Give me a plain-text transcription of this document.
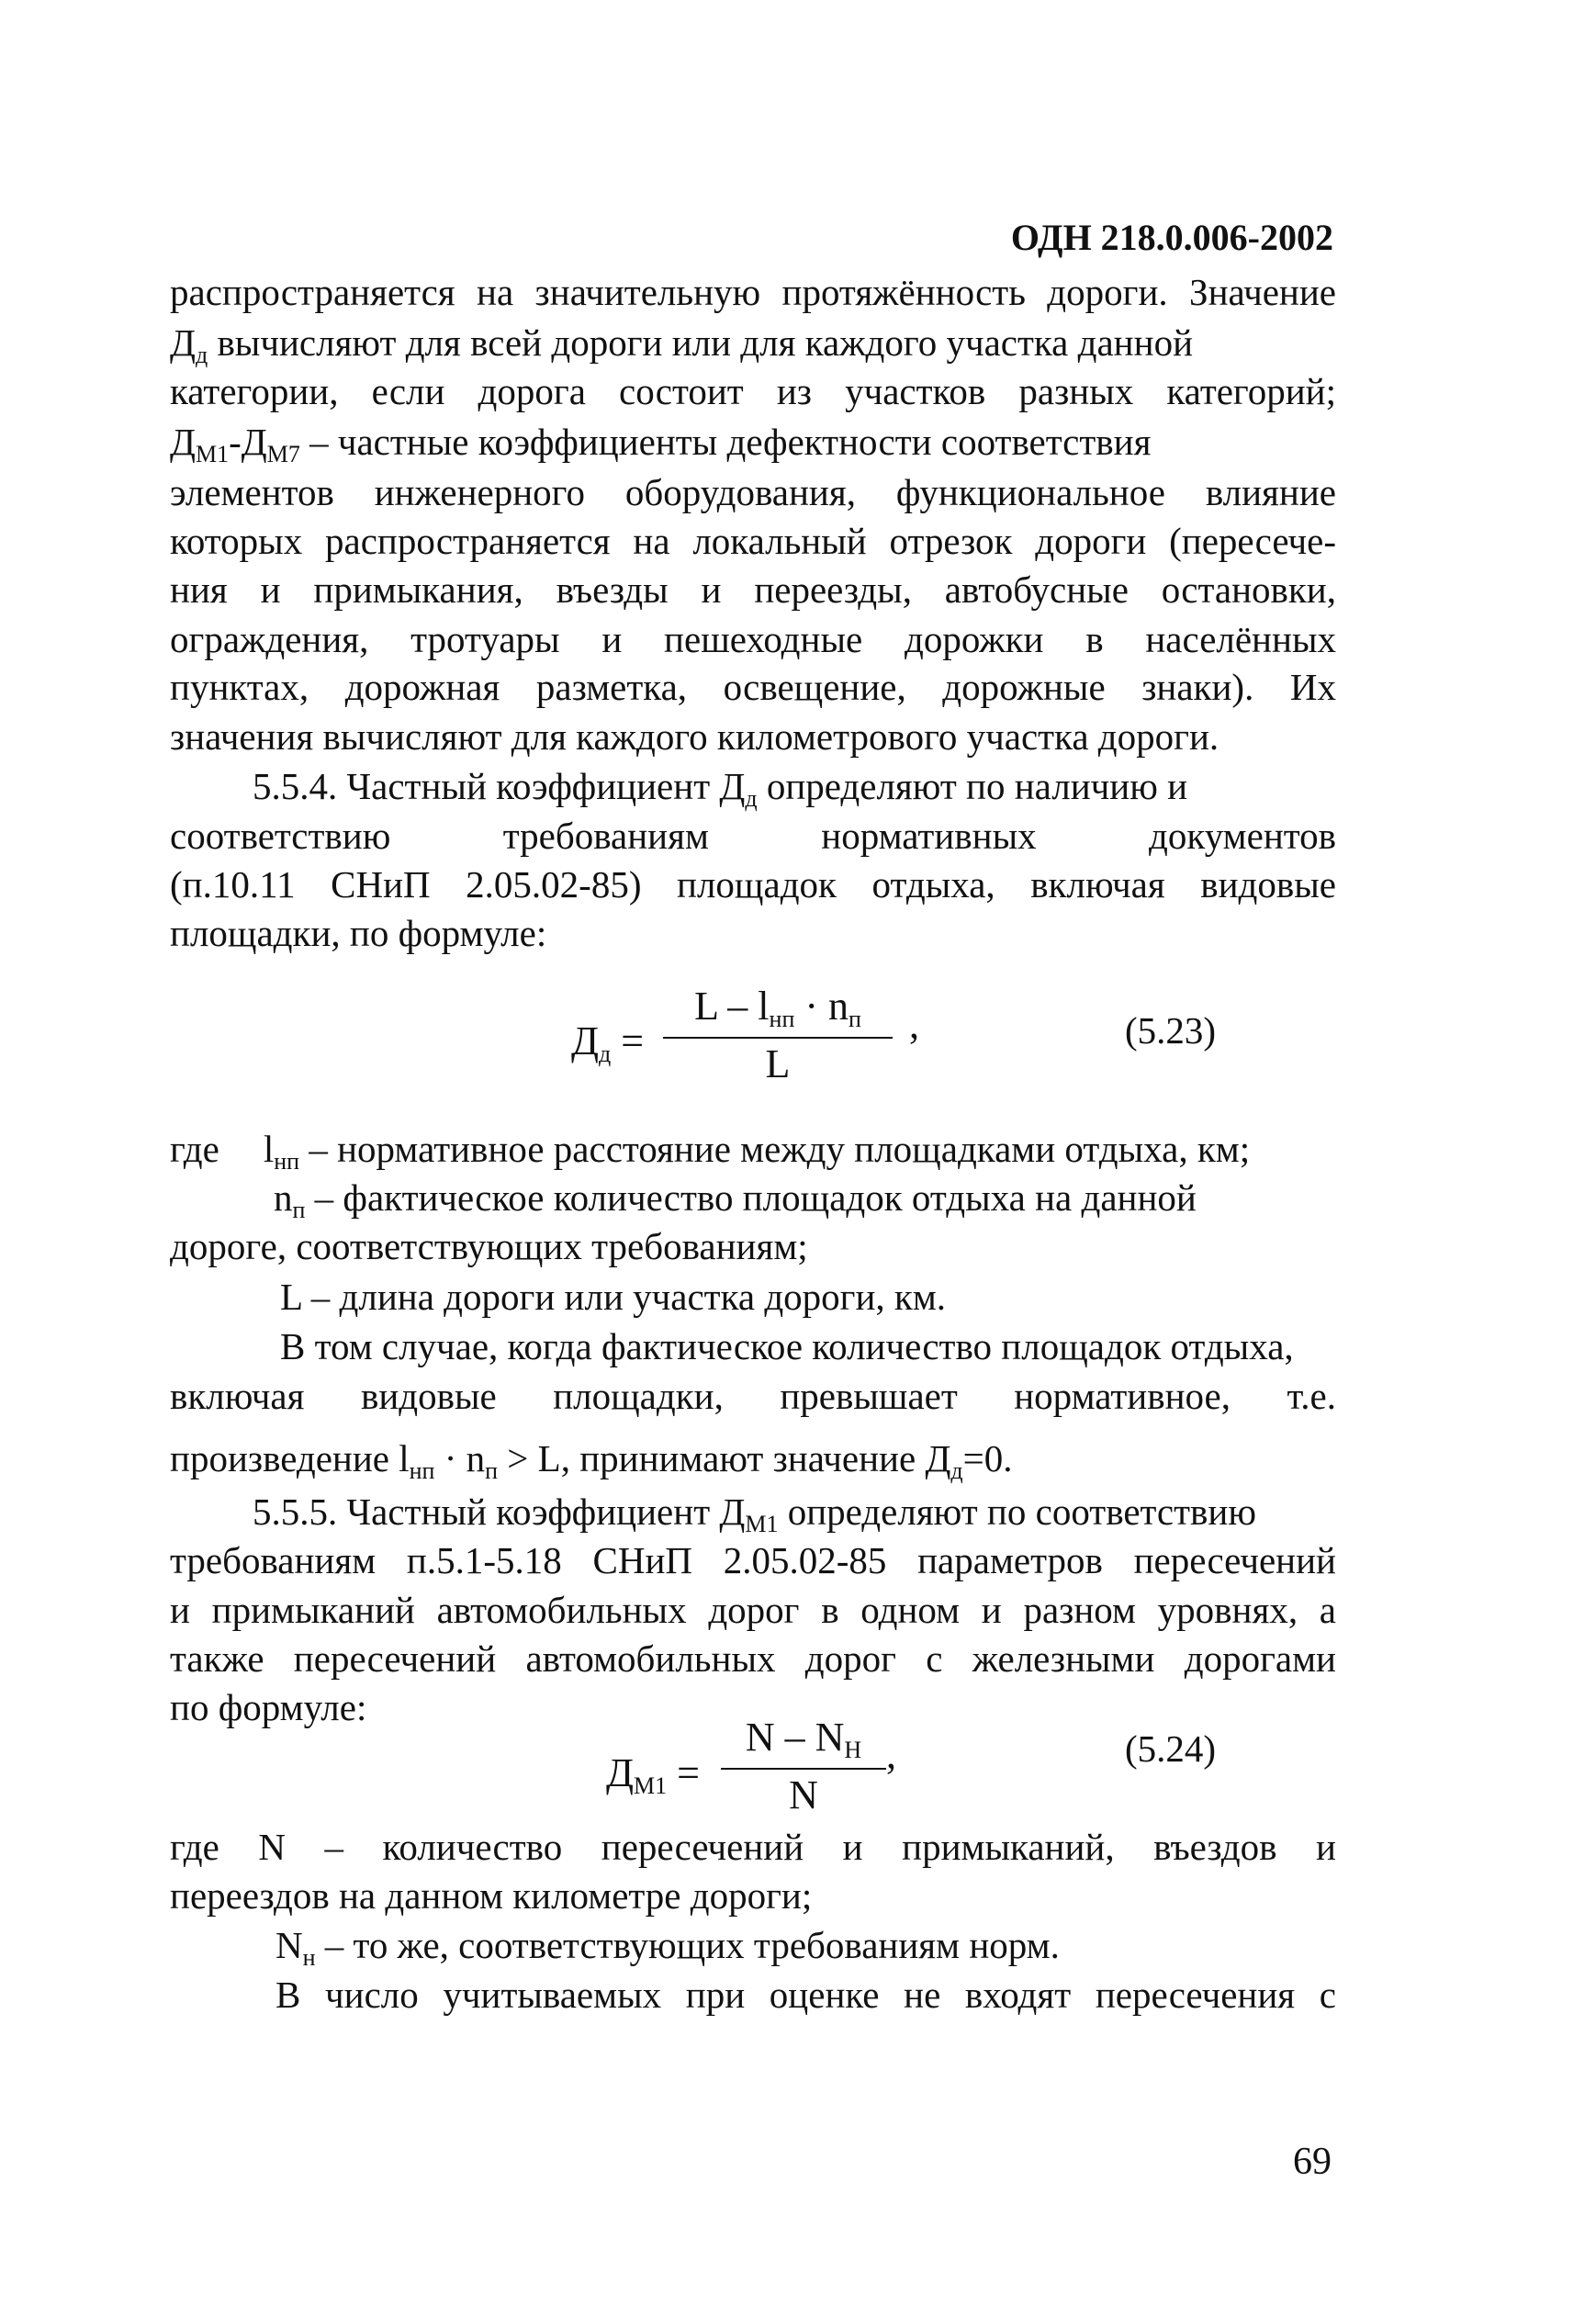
ОДН 218.0.006-2002
распространяется на значительную протяжённость дороги. Значение
$Д_д$ вычисляют для всей дороги или для каждого участка данной
категории, если дорога состоит из участков разных категорий;
$Д_{М1}-Д_{М7}$ – частные коэффициенты дефектности соответствия
элементов инженерного оборудования, функциональное влияние
которых распространяется на локальный отрезок дороги (пересече-
ния и примыкания, въезды и переезды, автобусные остановки,
ограждения, тротуары и пешеходные дорожки в населённых
пунктах, дорожная разметка, освещение, дорожные знаки). Их
значения вычисляют для каждого километрового участка дороги.
5.5.4. Частный коэффициент $Д_д$ определяют по наличию и
соответствию требованиям нормативных документов
(п.10.11 СНиП 2.05.02-85) площадок отдыха, включая видовые
площадки, по формуле:
$Д_д$ =
$L - l_{нп} \cdot n_п$
L
,	(5.23)
где $l_{нп}$ – нормативное расстояние между площадками отдыха, км;
$n_п$ – фактическое количество площадок отдыха на данной
дороге, соответствующих требованиям;
L – длина дороги или участка дороги, км.
В том случае, когда фактическое количество площадок отдыха,
включая видовые площадки, превышает нормативное, т.е.
произведение $l_{нп} \cdot n_п > L$, принимают значение $Д_д=0$.
5.5.5. Частный коэффициент $Д_{М1}$ определяют по соответствию
требованиям п.5.1-5.18 СНиП 2.05.02-85 параметров пересечений
и примыканий автомобильных дорог в одном и разном уровнях, а
также пересечений автомобильных дорог с железными дорогами
по формуле:
$Д_{М1}$ =
N – $N_Н$
N
,	(5.24)
где N – количество пересечений и примыканий, въездов и
переездов на данном километре дороги;
$N_н$ – то же, соответствующих требованиям норм.
В число учитываемых при оценке не входят пересечения с
69
